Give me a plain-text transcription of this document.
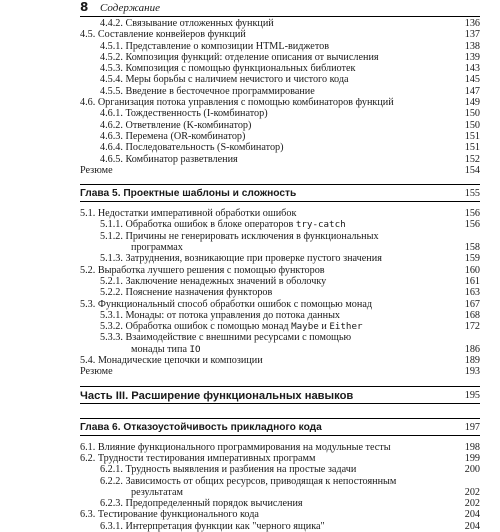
8 Содержание
4.4.2. Связывание отложенных функций	136
4.5. Составление конвейеров функций	137
4.5.1. Представление о композиции HTML-виджетов	138
4.5.2. Композиция функций: отделение описания от вычисления	139
4.5.3. Композиция с помощью функциональных библиотек	143
4.5.4. Меры борьбы с наличием нечистого и чистого кода	145
4.5.5. Введение в бесточечное программирование	147
4.6. Организация потока управления с помощью комбинаторов функций	149
4.6.1. Тождественность (I-комбинатор)	150
4.6.2. Ответвление (K-комбинатор)	150
4.6.3. Перемена (OR-комбинатор)	151
4.6.4. Последовательность (S-комбинатор)	151
4.6.5. Комбинатор разветвления	152
Резюме	154
Глава 5. Проектные шаблоны и сложность	155
5.1. Недостатки императивной обработки ошибок	156
5.1.1. Обработка ошибок в блоке операторов try-catch	156
5.1.2. Причины не генерировать исключения в функциональных
программах	158
5.1.3. Затруднения, возникающие при проверке пустого значения	159
5.2. Выработка лучшего решения с помощью функторов	160
5.2.1. Заключение ненадежных значений в оболочку	161
5.2.2. Пояснение назначения функторов	163
5.3. Функциональный способ обработки ошибок с помощью монад	167
5.3.1. Монады: от потока управления до потока данных	168
5.3.2. Обработка ошибок с помощью монад Maybe и Either	172
5.3.3. Взаимодействие с внешними ресурсами с помощью
монады типа IO	186
5.4. Монадические цепочки и композиции	189
Резюме	193
Часть III. Расширение функциональных навыков	195
Глава 6. Отказоустойчивость прикладного кода	197
6.1. Влияние функционального программирования на модульные тесты	198
6.2. Трудности тестирования императивных программ	199
6.2.1. Трудность выявления и разбиения на простые задачи	200
6.2.2. Зависимость от общих ресурсов, приводящая к непостоянным
результатам	202
6.2.3. Предопределенный порядок вычисления	202
6.3. Тестирование функционального кода	204
6.3.1. Интерпретация функции как "черного ящика"	204
